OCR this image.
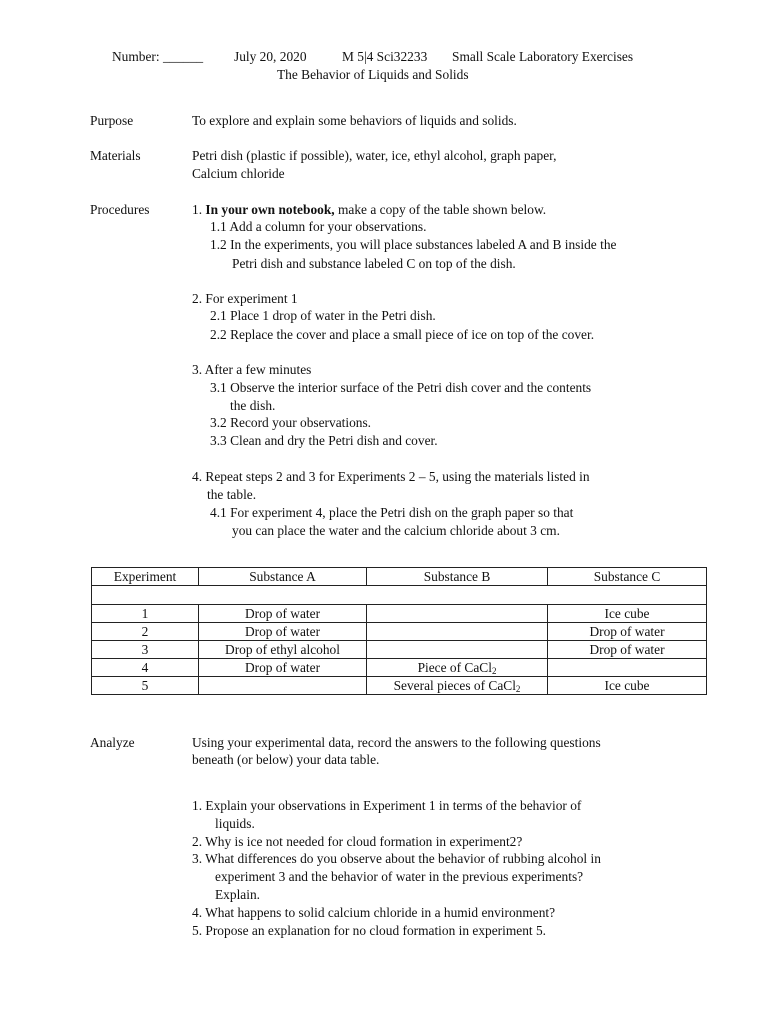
Number: ______ July 20, 2020	M 5|4 Sci32233 Small Scale Laboratory Exercises
The Behavior of Liquids and Solids
Purpose	To explore and explain some behaviors of liquids and solids.
Materials	Petri dish (plastic if possible), water, ice, ethyl alcohol, graph paper,
Calcium chloride
Procedures	1. In your own notebook, make a copy of the table shown below.
1.1 Add a column for your observations.
1.2 In the experiments, you will place substances labeled A and B inside the
Petri dish and substance labeled C on top of the dish.
2. For experiment 1
2.1 Place 1 drop of water in the Petri dish.
2.2 Replace the cover and place a small piece of ice on top of the cover.
3. After a few minutes
3.1 Observe the interior surface of the Petri dish cover and the contents
the dish.
3.2 Record your observations.
3.3 Clean and dry the Petri dish and cover.
4. Repeat steps 2 and 3 for Experiments 2 – 5, using the materials listed in
the table.
4.1 For experiment 4, place the Petri dish on the graph paper so that
you can place the water and the calcium chloride about 3 cm.
Experiment	Substance A	Substance B	Substance C

1	Drop of water		Ice cube
2	Drop of water		Drop of water
3	Drop of ethyl alcohol		Drop of water
4	Drop of water	Piece of CaCl$_2$	
5		Several pieces of CaCl$_2$	Ice cube
Analyze	Using your experimental data, record the answers to the following questions
beneath (or below) your data table.
1. Explain your observations in Experiment 1 in terms of the behavior of
liquids.
2. Why is ice not needed for cloud formation in experiment2?
3. What differences do you observe about the behavior of rubbing alcohol in
experiment 3 and the behavior of water in the previous experiments?
Explain.
4. What happens to solid calcium chloride in a humid environment?
5. Propose an explanation for no cloud formation in experiment 5.
